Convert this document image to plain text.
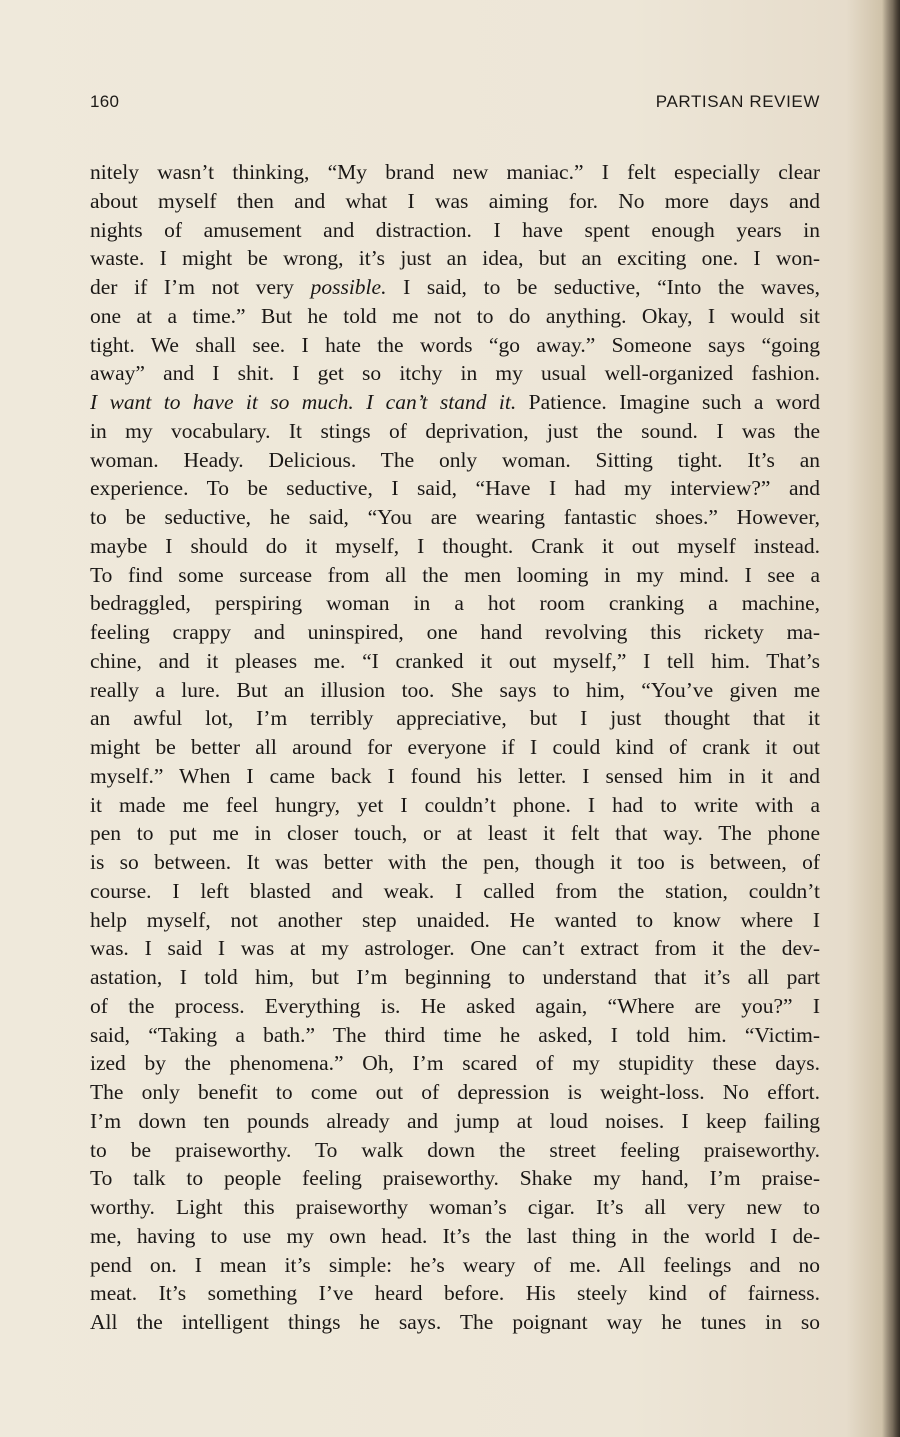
160	PARTISAN REVIEW
nitely wasn’t thinking, “My brand new maniac.” I felt especially clear
about myself then and what I was aiming for. No more days and
nights of amusement and distraction. I have spent enough years in
waste. I might be wrong, it’s just an idea, but an exciting one. I won-
der if I’m not very possible. I said, to be seductive, “Into the waves,
one at a time.” But he told me not to do anything. Okay, I would sit
tight. We shall see. I hate the words “go away.” Someone says “going
away” and I shit. I get so itchy in my usual well-organized fashion.
I want to have it so much. I can’t stand it. Patience. Imagine such a word
in my vocabulary. It stings of deprivation, just the sound. I was the
woman. Heady. Delicious. The only woman. Sitting tight. It’s an
experience. To be seductive, I said, “Have I had my interview?” and
to be seductive, he said, “You are wearing fantastic shoes.” However,
maybe I should do it myself, I thought. Crank it out myself instead.
To find some surcease from all the men looming in my mind. I see a
bedraggled, perspiring woman in a hot room cranking a machine,
feeling crappy and uninspired, one hand revolving this rickety ma-
chine, and it pleases me. “I cranked it out myself,” I tell him. That’s
really a lure. But an illusion too. She says to him, “You’ve given me
an awful lot, I’m terribly appreciative, but I just thought that it
might be better all around for everyone if I could kind of crank it out
myself.” When I came back I found his letter. I sensed him in it and
it made me feel hungry, yet I couldn’t phone. I had to write with a
pen to put me in closer touch, or at least it felt that way. The phone
is so between. It was better with the pen, though it too is between, of
course. I left blasted and weak. I called from the station, couldn’t
help myself, not another step unaided. He wanted to know where I
was. I said I was at my astrologer. One can’t extract from it the dev-
astation, I told him, but I’m beginning to understand that it’s all part
of the process. Everything is. He asked again, “Where are you?” I
said, “Taking a bath.” The third time he asked, I told him. “Victim-
ized by the phenomena.” Oh, I’m scared of my stupidity these days.
The only benefit to come out of depression is weight-loss. No effort.
I’m down ten pounds already and jump at loud noises. I keep failing
to be praiseworthy. To walk down the street feeling praiseworthy.
To talk to people feeling praiseworthy. Shake my hand, I’m praise-
worthy. Light this praiseworthy woman’s cigar. It’s all very new to
me, having to use my own head. It’s the last thing in the world I de-
pend on. I mean it’s simple: he’s weary of me. All feelings and no
meat. It’s something I’ve heard before. His steely kind of fairness.
All the intelligent things he says. The poignant way he tunes in so
